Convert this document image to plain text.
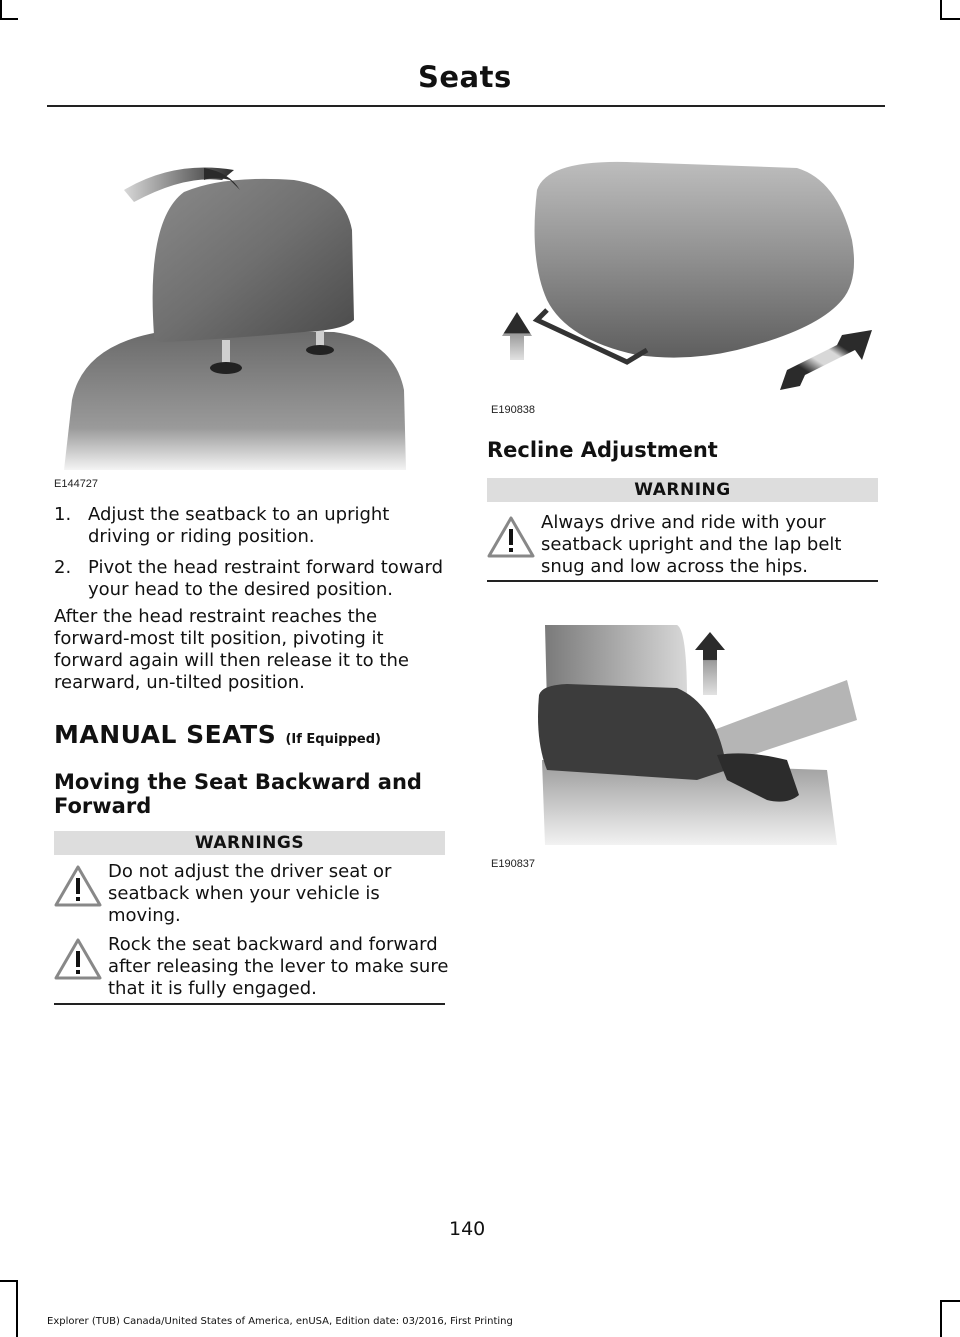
Seats
E144727
1. Adjust the seatback to an upright driving or riding position.
2. Pivot the head restraint forward toward your head to the desired position.

After the head restraint reaches the forward-most tilt position, pivoting it forward again will then release it to the rearward, un-tilted position.

MANUAL SEATS (If Equipped)
Moving the Seat Backward and Forward
WARNINGS
Do not adjust the driver seat or seatback when your vehicle is moving.
Rock the seat backward and forward after releasing the lever to make sure that it is fully engaged.
E190838
Recline Adjustment
WARNING
Always drive and ride with your seatback upright and the lap belt snug and low across the hips.
E190837
140
Explorer (TUB) Canada/United States of America, enUSA, Edition date: 03/2016, First Printing
